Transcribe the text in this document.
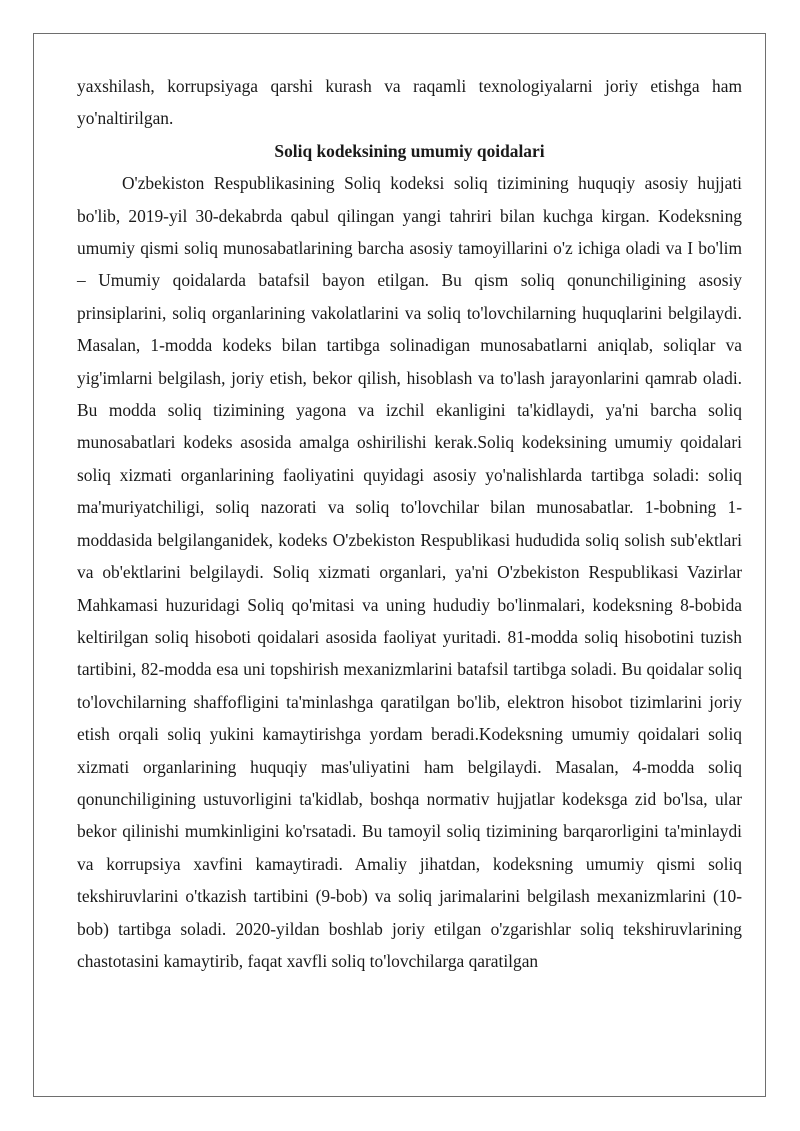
yaxshilash, korrupsiyaga qarshi kurash va raqamli texnologiyalarni joriy etishga ham yo'naltirilgan.

Soliq kodeksining umumiy qoidalari

O'zbekiston Respublikasining Soliq kodeksi soliq tizimining huquqiy asosiy hujjati bo'lib, 2019-yil 30-dekabrda qabul qilingan yangi tahriri bilan kuchga kirgan. Kodeksning umumiy qismi soliq munosabatlarining barcha asosiy tamoyillarini o'z ichiga oladi va I bo'lim – Umumiy qoidalarda batafsil bayon etilgan. Bu qism soliq qonunchiligining asosiy prinsiplarini, soliq organlarining vakolatlarini va soliq to'lovchilarning huquqlarini belgilaydi. Masalan, 1-modda kodeks bilan tartibga solinadigan munosabatlarni aniqlab, soliqlar va yig'imlarni belgilash, joriy etish, bekor qilish, hisoblash va to'lash jarayonlarini qamrab oladi. Bu modda soliq tizimining yagona va izchil ekanligini ta'kidlaydi, ya'ni barcha soliq munosabatlari kodeks asosida amalga oshirilishi kerak.Soliq kodeksining umumiy qoidalari soliq xizmati organlarining faoliyatini quyidagi asosiy yo'nalishlarda tartibga soladi: soliq ma'muriyatchiligi, soliq nazorati va soliq to'lovchilar bilan munosabatlar. 1-bobning 1-moddasida belgilanganidek, kodeks O'zbekiston Respublikasi hududida soliq solish sub'ektlari va ob'ektlarini belgilaydi. Soliq xizmati organlari, ya'ni O'zbekiston Respublikasi Vazirlar Mahkamasi huzuridagi Soliq qo'mitasi va uning hududiy bo'linmalari, kodeksning 8-bobida keltirilgan soliq hisoboti qoidalari asosida faoliyat yuritadi. 81-modda soliq hisobotini tuzish tartibini, 82-modda esa uni topshirish mexanizmlarini batafsil tartibga soladi. Bu qoidalar soliq to'lovchilarning shaffofligini ta'minlashga qaratilgan bo'lib, elektron hisobot tizimlarini joriy etish orqali soliq yukini kamaytirishga yordam beradi.Kodeksning umumiy qoidalari soliq xizmati organlarining huquqiy mas'uliyatini ham belgilaydi. Masalan, 4-modda soliq qonunchiligining ustuvorligini ta'kidlab, boshqa normativ hujjatlar kodeksga zid bo'lsa, ular bekor qilinishi mumkinligini ko'rsatadi. Bu tamoyil soliq tizimining barqarorligini ta'minlaydi va korrupsiya xavfini kamaytiradi. Amaliy jihatdan, kodeksning umumiy qismi soliq tekshiruvlarini o'tkazish tartibini (9-bob) va soliq jarimalarini belgilash mexanizmlarini (10-bob) tartibga soladi. 2020-yildan boshlab joriy etilgan o'zgarishlar soliq tekshiruvlarining chastotasini kamaytirib, faqat xavfli soliq to'lovchilarga qaratilgan
